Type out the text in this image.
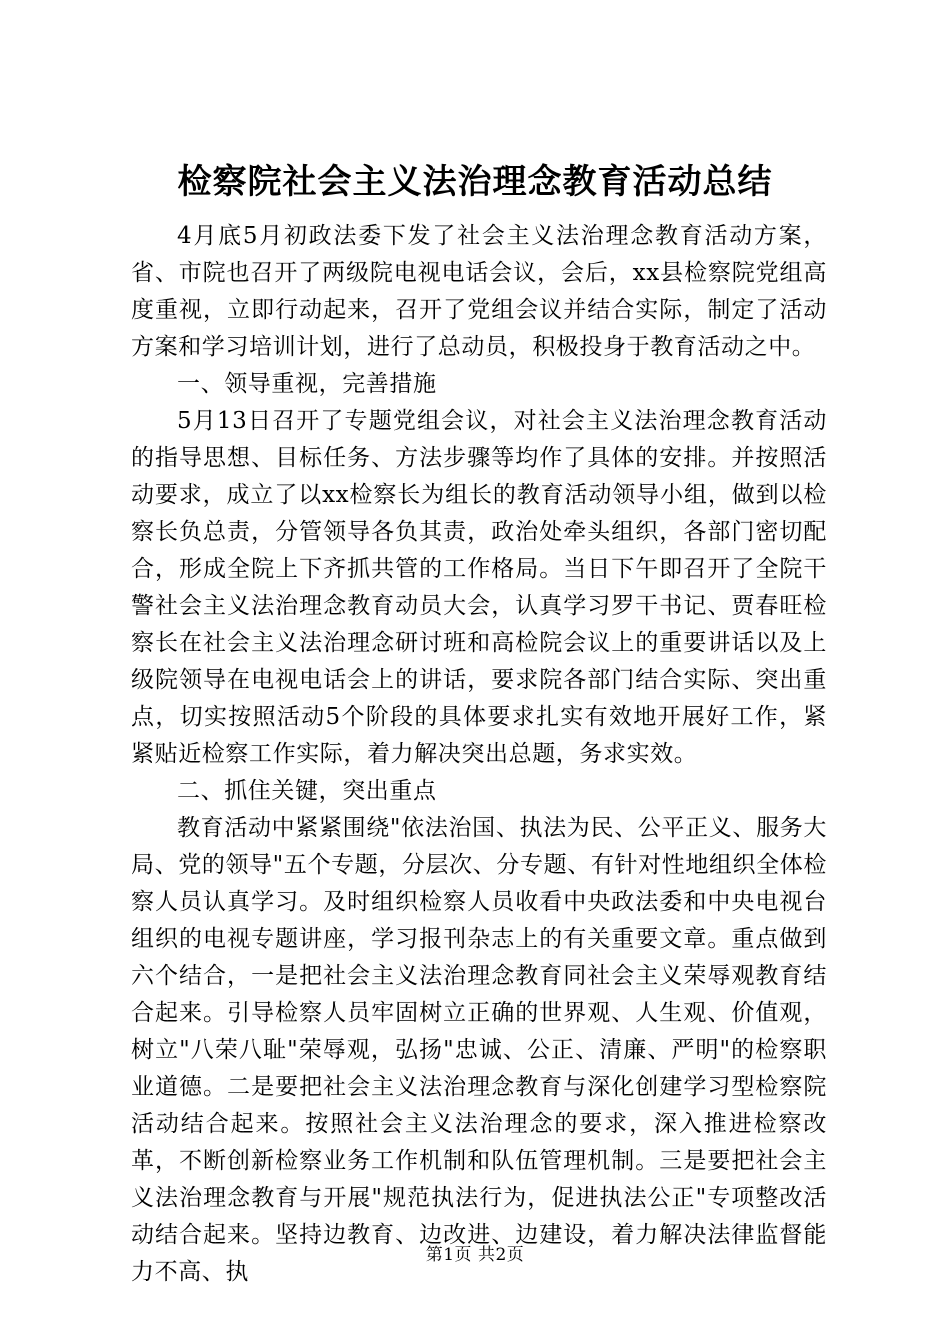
检察院社会主义法治理念教育活动总结

4月底5月初政法委下发了社会主义法治理念教育活动方案，省、市院也召开了两级院电视电话会议，会后，xx县检察院党组高度重视，立即行动起来，召开了党组会议并结合实际，制定了活动方案和学习培训计划，进行了总动员，积极投身于教育活动之中。

一、领导重视，完善措施

5月13日召开了专题党组会议，对社会主义法治理念教育活动的指导思想、目标任务、方法步骤等均作了具体的安排。并按照活动要求，成立了以xx检察长为组长的教育活动领导小组，做到以检察长负总责，分管领导各负其责，政治处牵头组织，各部门密切配合，形成全院上下齐抓共管的工作格局。当日下午即召开了全院干警社会主义法治理念教育动员大会，认真学习罗干书记、贾春旺检察长在社会主义法治理念研讨班和高检院会议上的重要讲话以及上级院领导在电视电话会上的讲话，要求院各部门结合实际、突出重点，切实按照活动5个阶段的具体要求扎实有效地开展好工作，紧紧贴近检察工作实际，着力解决突出总题，务求实效。

二、抓住关键，突出重点

教育活动中紧紧围绕"依法治国、执法为民、公平正义、服务大局、党的领导"五个专题，分层次、分专题、有针对性地组织全体检察人员认真学习。及时组织检察人员收看中央政法委和中央电视台组织的电视专题讲座，学习报刊杂志上的有关重要文章。重点做到六个结合，一是把社会主义法治理念教育同社会主义荣辱观教育结合起来。引导检察人员牢固树立正确的世界观、人生观、价值观，树立"八荣八耻"荣辱观，弘扬"忠诚、公正、清廉、严明"的检察职业道德。二是要把社会主义法治理念教育与深化创建学习型检察院活动结合起来。按照社会主义法治理念的要求，深入推进检察改革，不断创新检察业务工作机制和队伍管理机制。三是要把社会主义法治理念教育与开展"规范执法行为，促进执法公正"专项整改活动结合起来。坚持边教育、边改进、边建设，着力解决法律监督能力不高、执

第1页 共2页
